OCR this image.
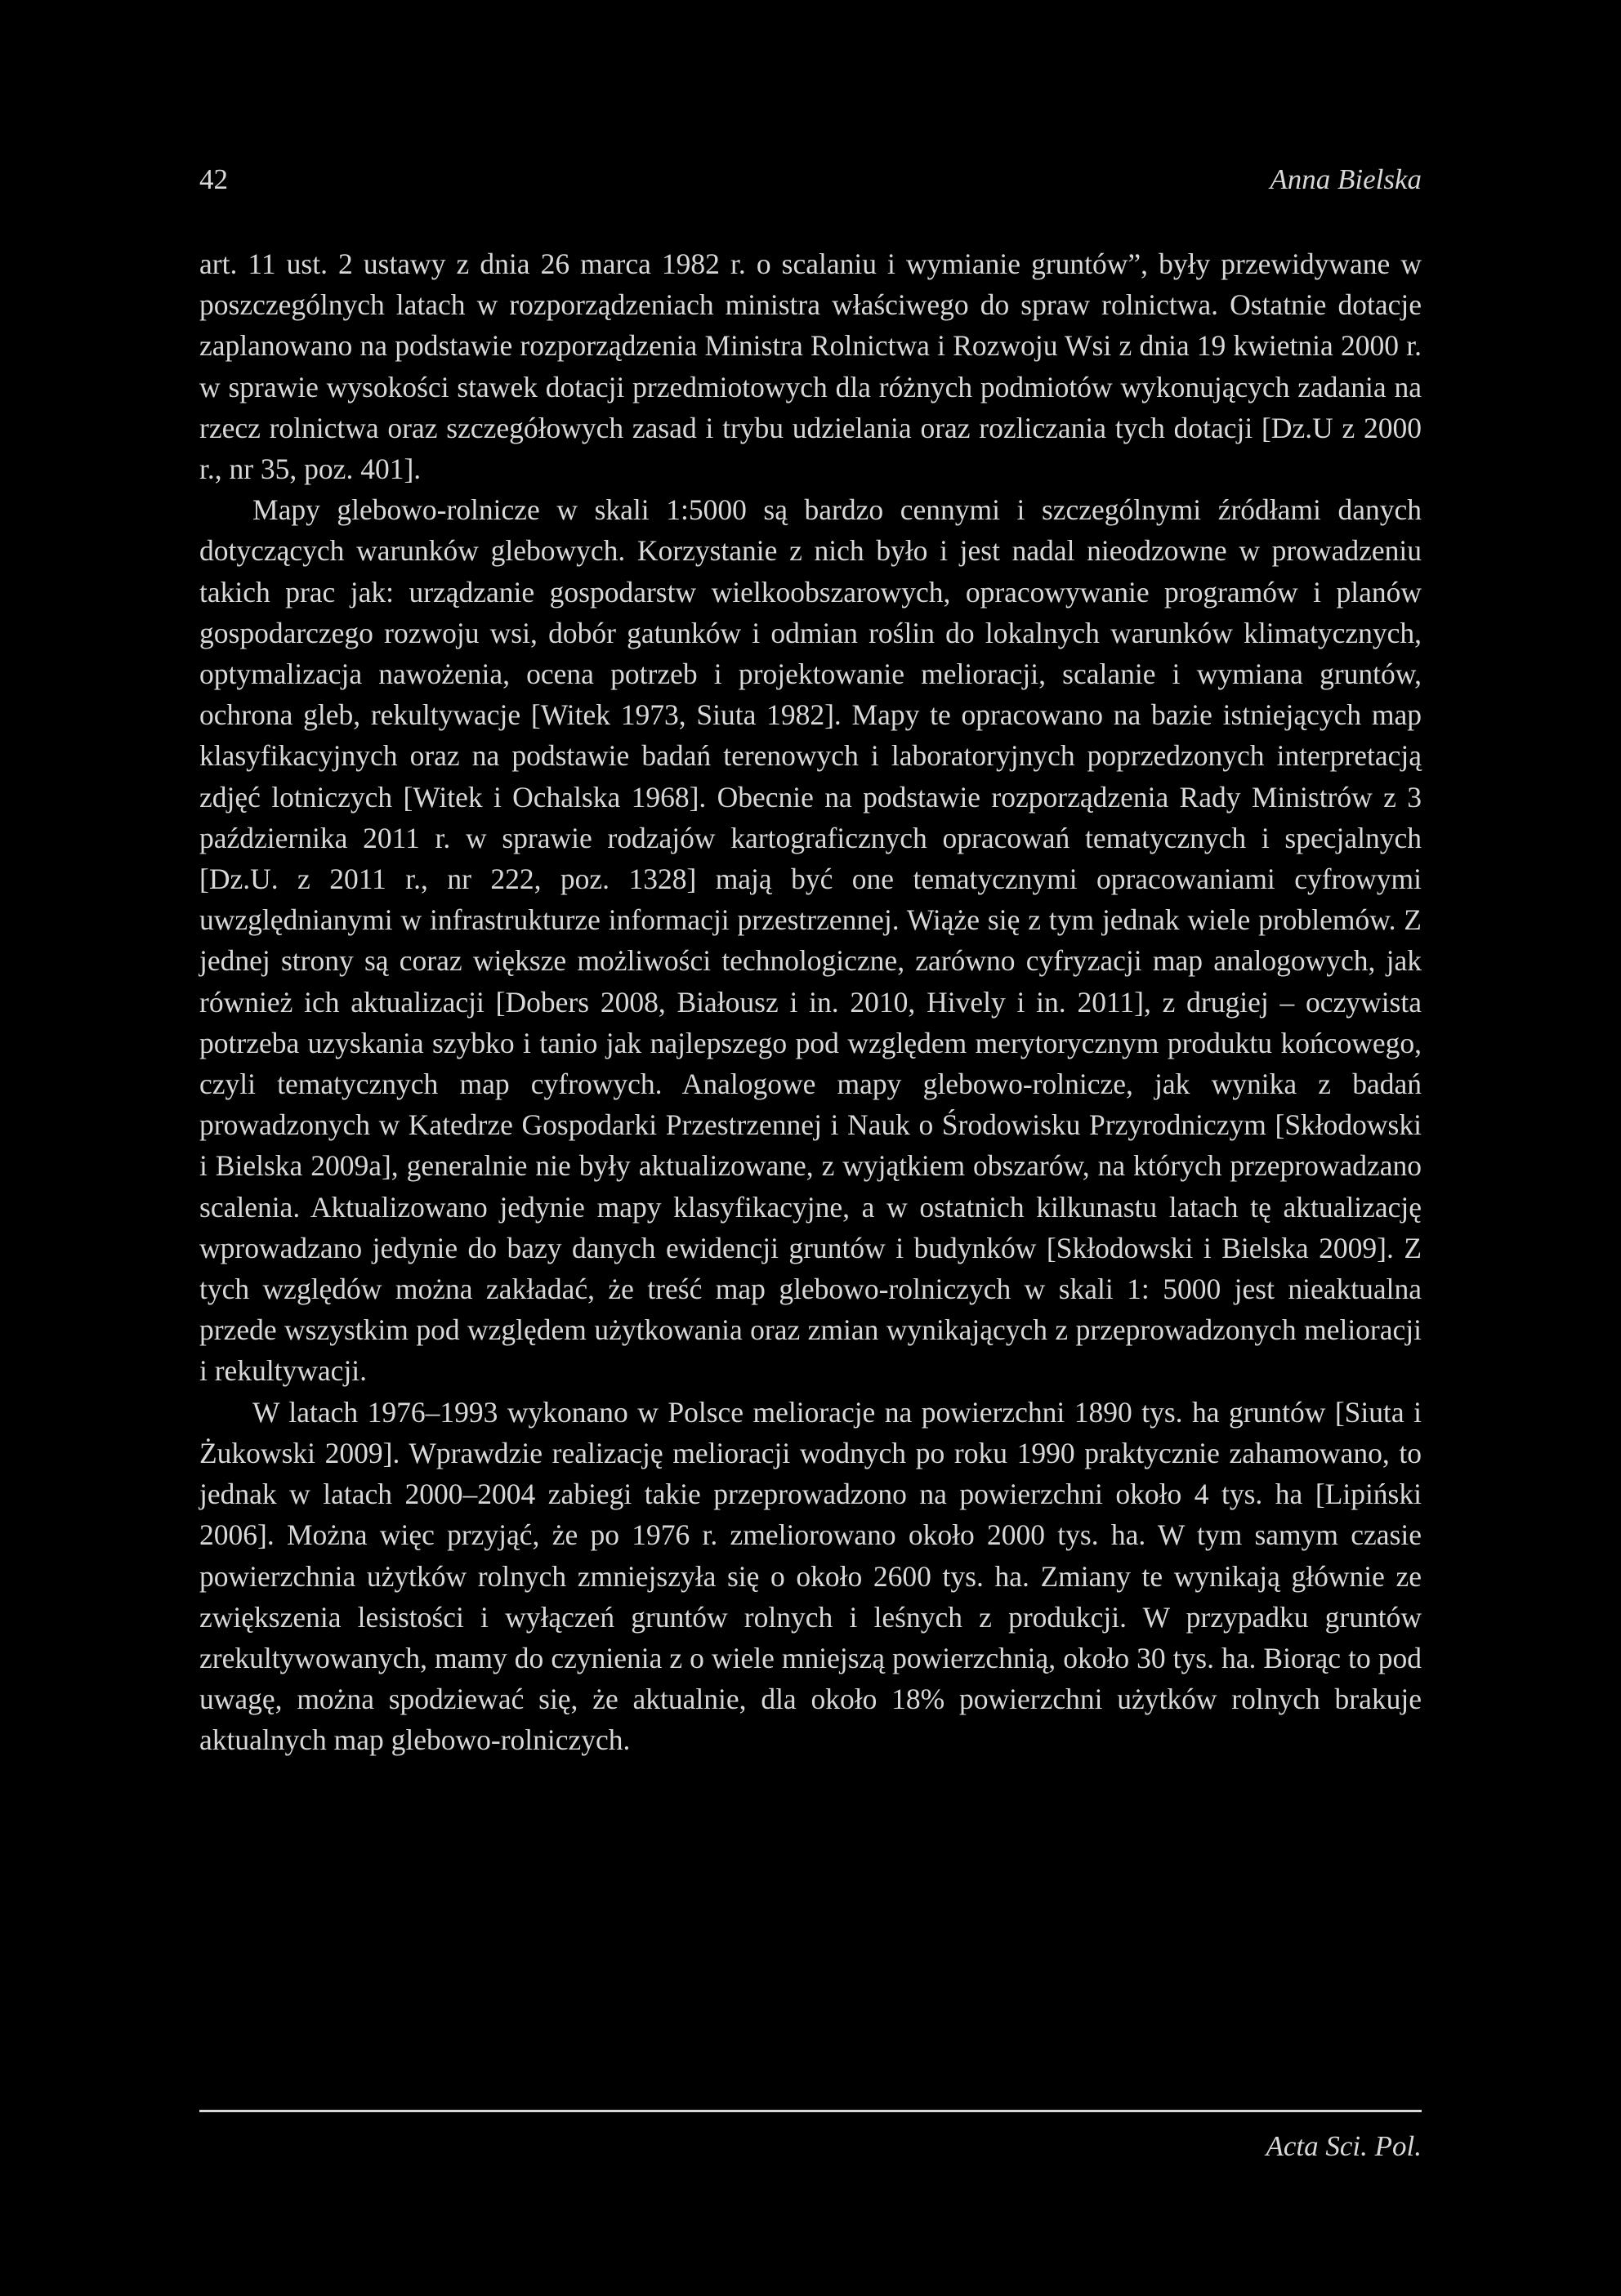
42	Anna Bielska

art. 11 ust. 2 ustawy z dnia 26 marca 1982 r. o scalaniu i wymianie gruntów”, były przewidywane w poszczególnych latach w rozporządzeniach ministra właściwego do spraw rolnictwa. Ostatnie dotacje zaplanowano na podstawie rozporządzenia Ministra Rolnictwa i Rozwoju Wsi z dnia 19 kwietnia 2000 r. w sprawie wysokości stawek dotacji przedmiotowych dla różnych podmiotów wykonujących zadania na rzecz rolnictwa oraz szczegółowych zasad i trybu udzielania oraz rozliczania tych dotacji [Dz.U z 2000 r., nr 35, poz. 401].

Mapy glebowo-rolnicze w skali 1:5000 są bardzo cennymi i szczególnymi źródłami danych dotyczących warunków glebowych. Korzystanie z nich było i jest nadal nieodzowne w prowadzeniu takich prac jak: urządzanie gospodarstw wielkoobszarowych, opracowywanie programów i planów gospodarczego rozwoju wsi, dobór gatunków i odmian roślin do lokalnych warunków klimatycznych, optymalizacja nawożenia, ocena potrzeb i projektowanie melioracji, scalanie i wymiana gruntów, ochrona gleb, rekultywacje [Witek 1973, Siuta 1982]. Mapy te opracowano na bazie istniejących map klasyfikacyjnych oraz na podstawie badań terenowych i laboratoryjnych poprzedzonych interpretacją zdjęć lotniczych [Witek i Ochalska 1968]. Obecnie na podstawie rozporządzenia Rady Ministrów z 3 października 2011 r. w sprawie rodzajów kartograficznych opracowań tematycznych i specjalnych [Dz.U. z 2011 r., nr 222, poz. 1328] mają być one tematycznymi opracowaniami cyfrowymi uwzględnianymi w infrastrukturze informacji przestrzennej. Wiąże się z tym jednak wiele problemów. Z jednej strony są coraz większe możliwości technologiczne, zarówno cyfryzacji map analogowych, jak również ich aktualizacji [Dobers 2008, Białousz i in. 2010, Hively i in. 2011], z drugiej – oczywista potrzeba uzyskania szybko i tanio jak najlepszego pod względem merytorycznym produktu końcowego, czyli tematycznych map cyfrowych. Analogowe mapy glebowo-rolnicze, jak wynika z badań prowadzonych w Katedrze Gospodarki Przestrzennej i Nauk o Środowisku Przyrodniczym [Skłodowski i Bielska 2009a], generalnie nie były aktualizowane, z wyjątkiem obszarów, na których przeprowadzano scalenia. Aktualizowano jedynie mapy klasyfikacyjne, a w ostatnich kilkunastu latach tę aktualizację wprowadzano jedynie do bazy danych ewidencji gruntów i budynków [Skłodowski i Bielska 2009]. Z tych względów można zakładać, że treść map glebowo-rolniczych w skali 1: 5000 jest nieaktualna przede wszystkim pod względem użytkowania oraz zmian wynikających z przeprowadzonych melioracji i rekultywacji.

W latach 1976–1993 wykonano w Polsce melioracje na powierzchni 1890 tys. ha gruntów [Siuta i Żukowski 2009]. Wprawdzie realizację melioracji wodnych po roku 1990 praktycznie zahamowano, to jednak w latach 2000–2004 zabiegi takie przeprowadzono na powierzchni około 4 tys. ha [Lipiński 2006]. Można więc przyjąć, że po 1976 r. zmeliorowano około 2000 tys. ha. W tym samym czasie powierzchnia użytków rolnych zmniejszyła się o około 2600 tys. ha. Zmiany te wynikają głównie ze zwiększenia lesistości i wyłączeń gruntów rolnych i leśnych z produkcji. W przypadku gruntów zrekultywowanych, mamy do czynienia z o wiele mniejszą powierzchnią, około 30 tys. ha. Biorąc to pod uwagę, można spodziewać się, że aktualnie, dla około 18% powierzchni użytków rolnych brakuje aktualnych map glebowo-rolniczych.

Acta Sci. Pol.
